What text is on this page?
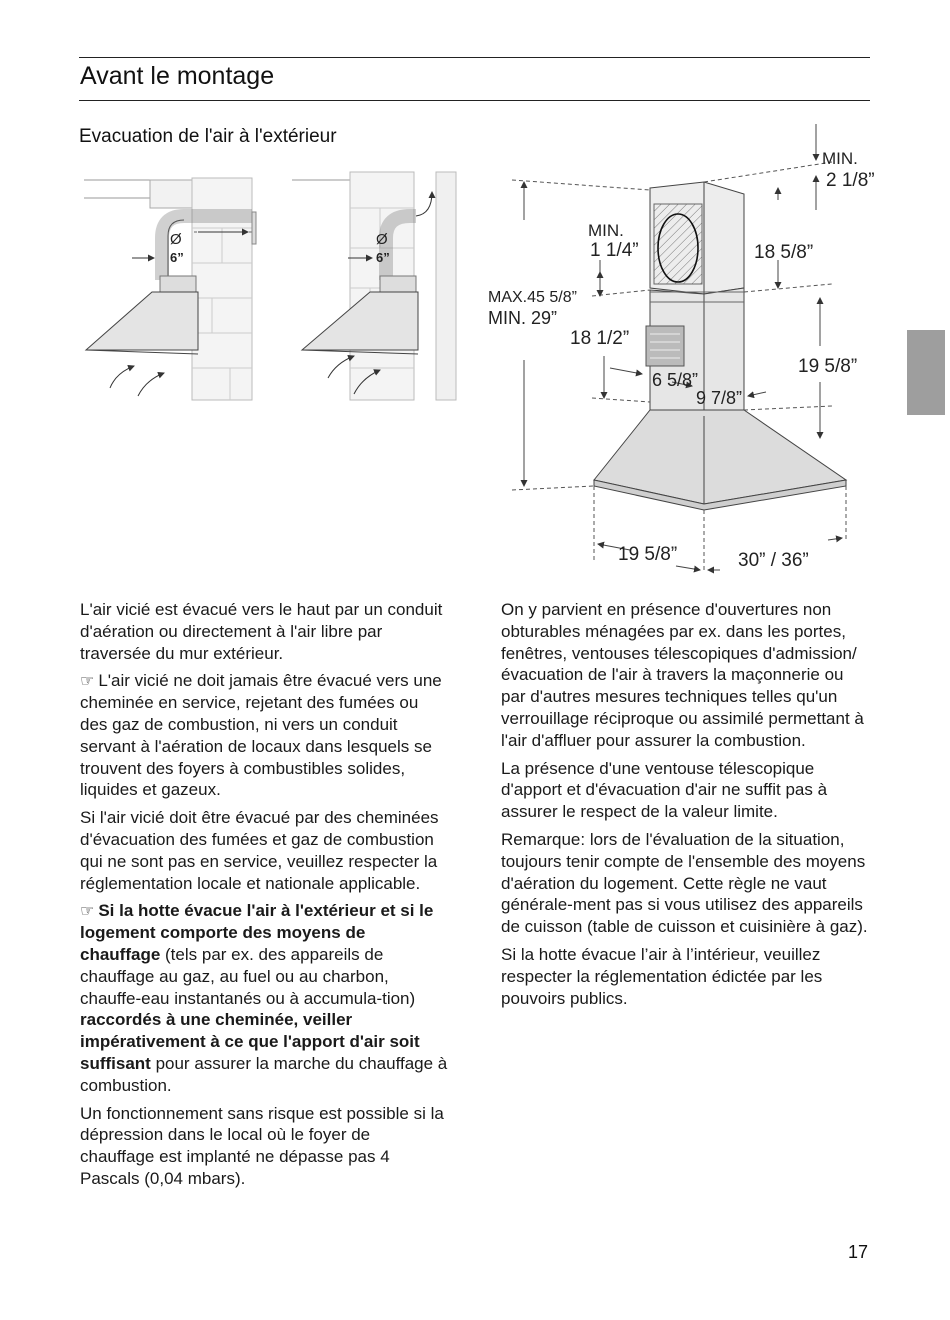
Avant le montage
Evacuation de l'air à l'extérieur
Ø
6”
Ø
6”
MIN.
2 1/8”
MIN.
1 1/4”	18 5/8”
MAX.45 5/8”
MIN. 29”
18 1/2”
19 5/8”
6 5/8”
9 7/8”
19 5/8”	30” / 36”

L'air vicié est évacué vers le haut par un conduit d'aération ou directement à l'air libre par traversée du mur extérieur.

☞ L'air vicié ne doit jamais être évacué vers une cheminée en service, rejetant des fumées ou des gaz de combustion, ni vers un conduit servant à l'aération de locaux dans lesquels se trouvent des foyers à combustibles solides, liquides et gazeux.

Si l'air vicié doit être évacué par des cheminées d'évacuation des fumées et gaz de combustion qui ne sont pas en service, veuillez respecter la réglementation locale et nationale applicable.

☞ Si la hotte évacue l'air à l'extérieur et si le logement comporte des moyens de chauffage (tels par ex. des appareils de chauffage au gaz, au fuel ou au charbon, chauffe-eau instantanés ou à accumula-tion) raccordés à une cheminée, veiller impérativement à ce que l'apport d'air soit suffisant pour assurer la marche du chauffage à combustion.

Un fonctionnement sans risque est possible si la dépression dans le local où le foyer de chauffage est implanté ne dépasse pas 4 Pascals (0,04 mbars).

On y parvient en présence d'ouvertures non obturables ménagées par ex. dans les portes, fenêtres, ventouses télescopiques d'admission/évacuation de l'air à travers la maçonnerie ou par d'autres mesures techniques telles qu'un verrouillage réciproque ou assimilé permettant à l'air d'affluer pour assurer la combustion.

La présence d'une ventouse télescopique d'apport et d'évacuation d'air ne suffit pas à assurer le respect de la valeur limite.

Remarque: lors de l'évaluation de la situation, toujours tenir compte de l'ensemble des moyens d'aération du logement. Cette règle ne vaut générale-ment pas si vous utilisez des appareils de cuisson (table de cuisson et cuisinière à gaz).

Si la hotte évacue l’air à l’intérieur, veuillez respecter la réglementation édictée par les pouvoirs publics.

17
